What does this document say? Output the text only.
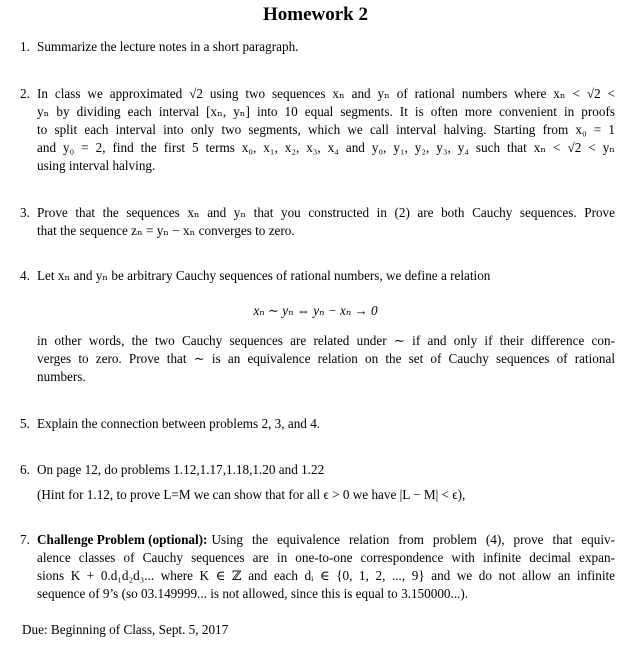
Homework 2
1. Summarize the lecture notes in a short paragraph.
2. In class we approximated √2 using two sequences xₙ and yₙ of rational numbers where xₙ < √2 <
yₙ by dividing each interval [xₙ, yₙ] into 10 equal segments. It is often more convenient in proofs
to split each interval into only two segments, which we call interval halving. Starting from x₀ = 1
and y₀ = 2, find the first 5 terms x₀, x₁, x₂, x₃, x₄ and y₀, y₁, y₂, y₃, y₄ such that xₙ < √2 < yₙ
using interval halving.
3. Prove that the sequences xₙ and yₙ that you constructed in (2) are both Cauchy sequences. Prove
that the sequence zₙ = yₙ − xₙ converges to zero.
4. Let xₙ and yₙ be arbitrary Cauchy sequences of rational numbers, we define a relation
xₙ ∼ yₙ ⇔ yₙ − xₙ → 0
in other words, the two Cauchy sequences are related under ∼ if and only if their difference con-
verges to zero. Prove that ∼ is an equivalence relation on the set of Cauchy sequences of rational
numbers.
5. Explain the connection between problems 2, 3, and 4.
6. On page 12, do problems 1.12,1.17,1.18,1.20 and 1.22
(Hint for 1.12, to prove L=M we can show that for all ϵ > 0 we have |L − M| < ϵ),
7. Challenge Problem (optional): Using the equivalence relation from problem (4), prove that equiv-
alence classes of Cauchy sequences are in one-to-one correspondence with infinite decimal expan-
sions K + 0.d₁d₂d₃... where K ∈ ℤ and each dᵢ ∈ {0, 1, 2, ..., 9} and we do not allow an infinite
sequence of 9’s (so 03.149999... is not allowed, since this is equal to 3.150000...).
Due: Beginning of Class, Sept. 5, 2017
